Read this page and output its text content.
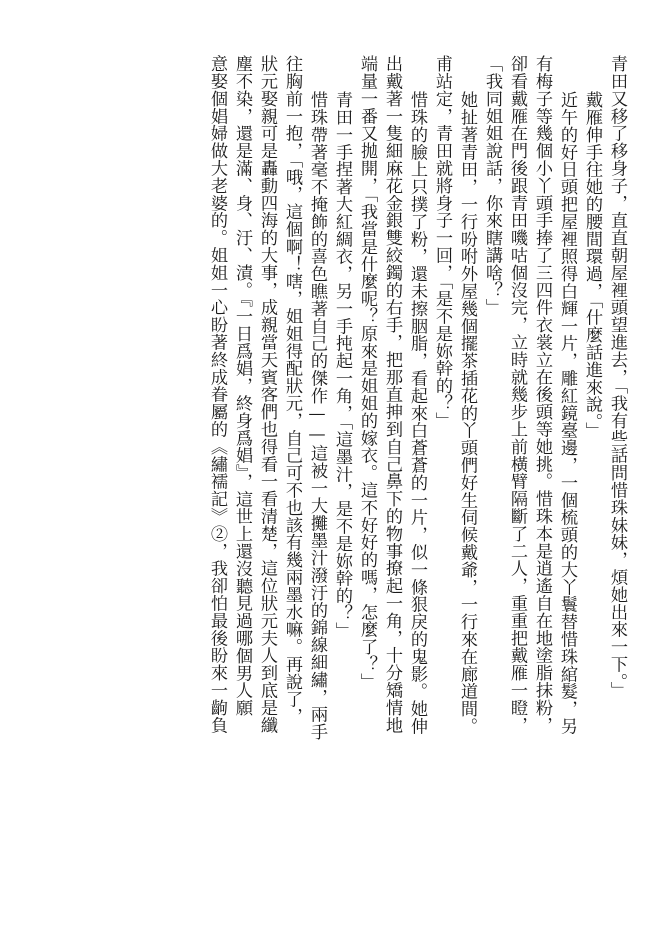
青田又移了移身子，直直朝屋裡頭望進去，「我有些話問惜珠妹妹，煩她出來一下。」
戴雁伸手往她的腰間環過，「什麼話進來說。」
近午的好日頭把屋裡照得白輝一片，雕紅鏡臺邊，一個梳頭的大丫鬟替惜珠綰髮，另
有梅子等幾個小丫頭手捧了三四件衣裳立在後頭等她挑。惜珠本是逍遙自在地塗脂抹粉，
卻看戴雁在門後跟青田嘰咕個沒完，立時就幾步上前橫臂隔斷了二人，重重把戴雁一瞪，
「我同姐姐說話，你來瞎講啥？」
她扯著青田，一行吩咐外屋幾個擺茶插花的丫頭們好生伺候戴爺，一行來在廊道間。
甫站定，青田就將身子一回，「是不是妳幹的？」
惜珠的臉上只撲了粉，還未擦胭脂，看起來白蒼蒼的一片，似一條狠戾的鬼影。她伸
出戴著一隻細麻花金銀雙絞鐲的右手，把那直抻到自己鼻下的物事撩起一角，十分矯情地
端量一番又拋開，「我當是什麼呢？原來是姐姐的嫁衣。這不好好的嗎，怎麼了？」
青田一手捏著大紅綢衣，另一手扽起一角，「這墨汁，是不是妳幹的？」
惜珠帶著毫不掩飾的喜色瞧著自己的傑作——這被一大攤墨汁潑汙的錦線細繡，兩手
往胸前一抱，「哦，這個啊！嗐，姐姐得配狀元，自己可不也該有幾兩墨水嘛。再說了，
狀元娶親可是轟動四海的大事，成親當天賓客們也得看一看清楚，這位狀元夫人到底是纖
塵不染，還是滿、身、汙、漬。『一日爲娼，終身爲娼』，這世上還沒聽見過哪個男人願
意娶個娼婦做大老婆的。姐姐一心盼著終成眷屬的《繡襦記》②，我卻怕最後盼來一齣負
